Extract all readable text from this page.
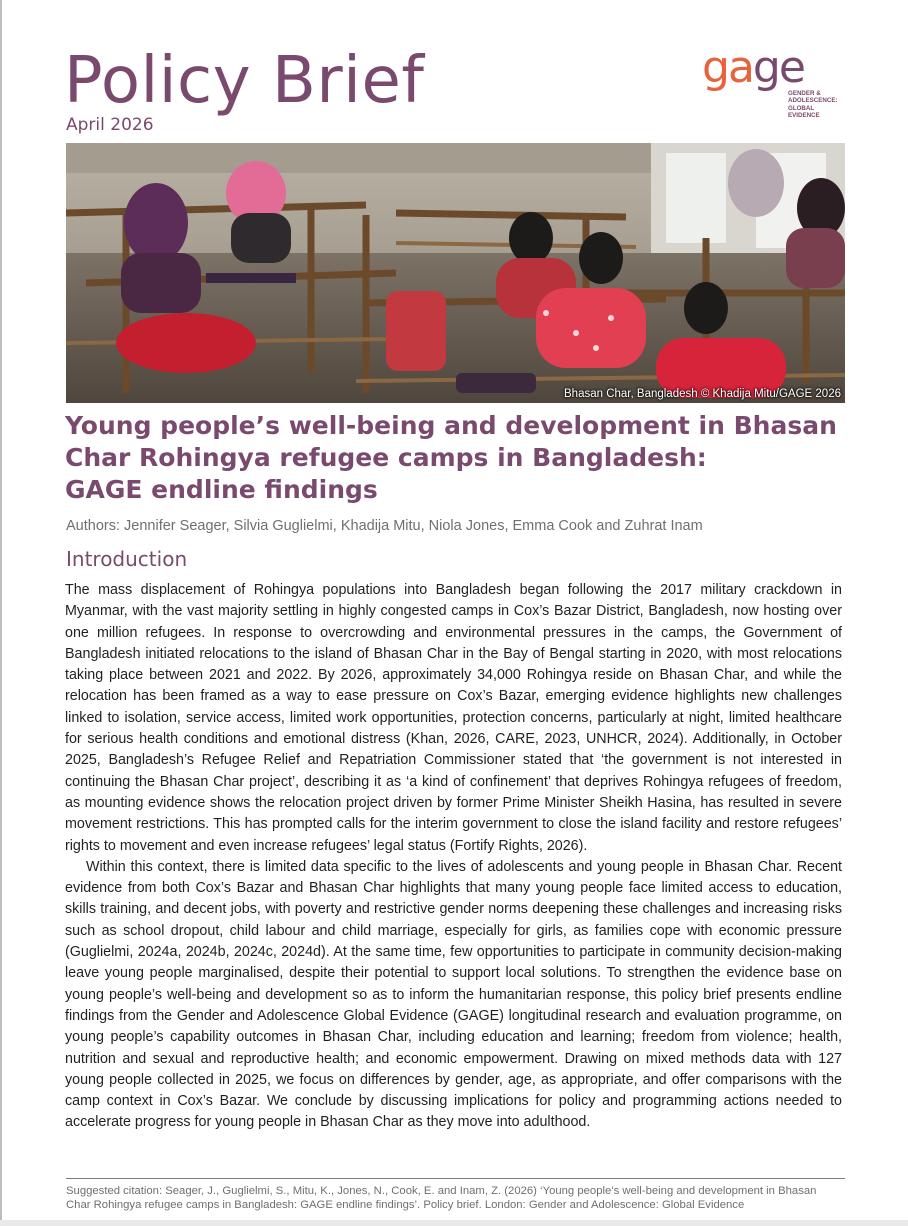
Policy Brief
April 2026
gage
GENDER &
ADOLESCENCE:
GLOBAL
EVIDENCE
Bhasan Char, Bangladesh © Khadija Mitu/GAGE 2026
Young people’s well-being and development in Bhasan
Char Rohingya refugee camps in Bangladesh:
GAGE endline findings
Authors: Jennifer Seager, Silvia Guglielmi, Khadija Mitu, Niola Jones, Emma Cook and Zuhrat Inam
Introduction

The mass displacement of Rohingya populations into Bangladesh began following the 2017 military crackdown in Myanmar, with the vast majority settling in highly congested camps in Cox’s Bazar District, Bangladesh, now hosting over one million refugees. In response to overcrowding and environmental pressures in the camps, the Government of Bangladesh initiated relocations to the island of Bhasan Char in the Bay of Bengal starting in 2020, with most relocations taking place between 2021 and 2022. By 2026, approximately 34,000 Rohingya reside on Bhasan Char, and while the relocation has been framed as a way to ease pressure on Cox’s Bazar, emerging evidence highlights new challenges linked to isolation, service access, limited work opportunities, protection concerns, particularly at night, limited healthcare for serious health conditions and emotional distress (Khan, 2026, CARE, 2023, UNHCR, 2024). Additionally, in October 2025, Bangladesh’s Refugee Relief and Repatriation Commissioner stated that ‘the government is not interested in continuing the Bhasan Char project’, describing it as ‘a kind of confinement’ that deprives Rohingya refugees of freedom, as mounting evidence shows the relocation project driven by former Prime Minister Sheikh Hasina, has resulted in severe movement restrictions. This has prompted calls for the interim government to close the island facility and restore refugees’ rights to movement and even increase refugees’ legal status (Fortify Rights, 2026).

Within this context, there is limited data specific to the lives of adolescents and young people in Bhasan Char. Recent evidence from both Cox’s Bazar and Bhasan Char highlights that many young people face limited access to education, skills training, and decent jobs, with poverty and restrictive gender norms deepening these challenges and increasing risks such as school dropout, child labour and child marriage, especially for girls, as families cope with economic pressure (Guglielmi, 2024a, 2024b, 2024c, 2024d). At the same time, few opportunities to participate in community decision-making leave young people marginalised, despite their potential to support local solutions. To strengthen the evidence base on young people’s well-being and development so as to inform the humanitarian response, this policy brief presents endline findings from the Gender and Adolescence Global Evidence (GAGE) longitudinal research and evaluation programme, on young people’s capability outcomes in Bhasan Char, including education and learning; freedom from violence; health, nutrition and sexual and reproductive health; and economic empowerment. Drawing on mixed methods data with 127 young people collected in 2025, we focus on differences by gender, age, as appropriate, and offer comparisons with the camp context in Cox’s Bazar. We conclude by discussing implications for policy and programming actions needed to accelerate progress for young people in Bhasan Char as they move into adulthood.

Suggested citation: Seager, J., Guglielmi, S., Mitu, K., Jones, N., Cook, E. and Inam, Z. (2026) ‘Young people’s well-being and development in Bhasan
Char Rohingya refugee camps in Bangladesh: GAGE endline findings’. Policy brief. London: Gender and Adolescence: Global Evidence
